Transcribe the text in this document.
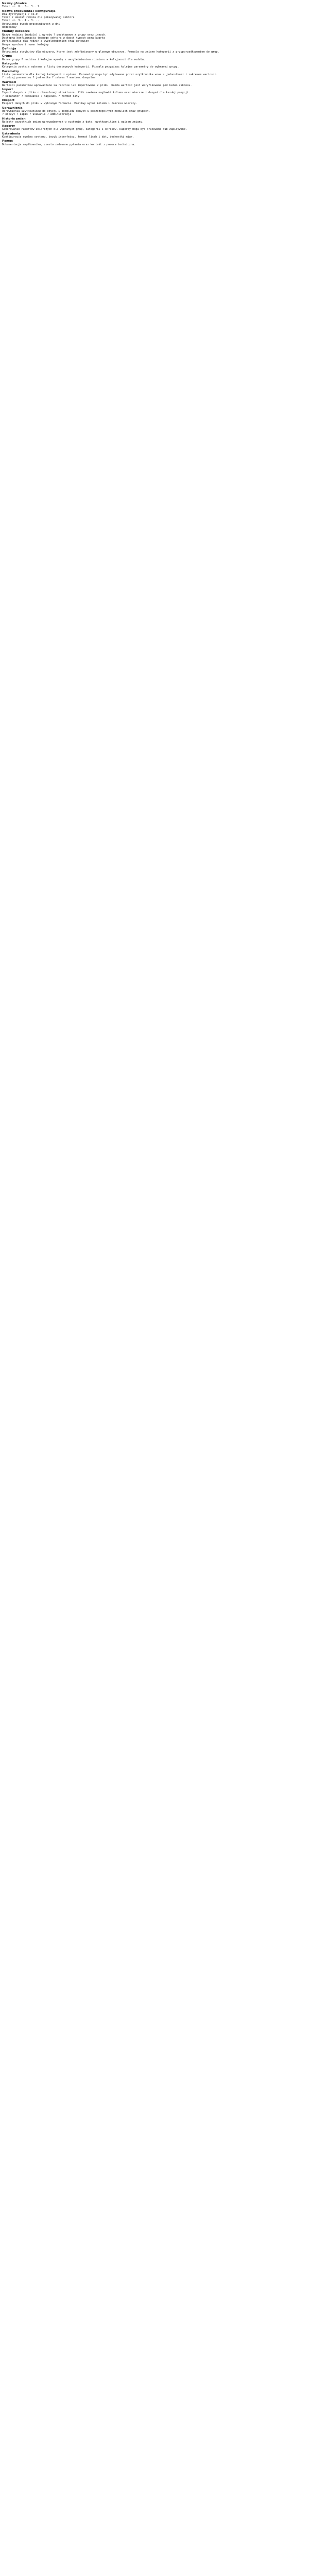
Nazwy g?owice
Tekst uz. 8.. 3-. 3.. ?.
Nazwa producenta i konfiguracja
Dla dystrybucji ? ok.9
Tekst z akurat rekona dla pokazywanej sektora
Tekst uz. 3.. 4.- 3. ..
Ustawienie dwoch pracowniczych w dni
dodatkowy
Moduly doradcze
Nazwa rodziny (moduly) i wyroby ? podstawowe z grupy oraz innych.
Dostepna konfiguracja jednego sektora w dwoch typach poza kwarta
Definiowanie dla rodzin z uwzglednieniem oraz ustawien
Grupa wyrobow i numer kolejny
Definicja
Ustawienia atrybutow dla obszaru, ktory jest zdefiniowany w glownym obszarze. Pozwala na zmiane kategorii z przyporzadkowaniem do grup.
Grupa
Nazwa grupy ? rodzina i kolejne wyroby z uwzglednieniem rozmiaru w kolejnosci dla modulu.
Kategoria
Kategoria zostaje wybrana z listy dostepnych kategorii. Pozwala przypisac kolejne parametry do wybranej grupy.
Parametry
Lista parametrow dla kazdej kategorii z opisem. Parametry moga byc edytowane przez uzytkownika wraz z jednostkami i zakresem wartosci.
? rodzaj parametru ? jednostka ? zakres ? wartosc domyslna
Wartosci
Wartosci parametrow wprowadzane sa recznie lub importowane z pliku. Kazda wartosc jest weryfikowana pod katem zakresu.
Import
Import danych z pliku o okreslonej strukturze. Plik zawiera naglowki kolumn oraz wiersze z danymi dla kazdej pozycji.
? separator ? kodowanie ? naglowki ? format daty
Eksport
Eksport danych do pliku w wybranym formacie. Mozliwy wybor kolumn i zakresu wierszy.
Uprawnienia
Uprawnienia uzytkownikow do edycji i podgladu danych w poszczegolnych modulach oraz grupach.
? odczyt ? zapis ? usuwanie ? administracja
Historia zmian
Rejestr wszystkich zmian wprowadzonych w systemie z data, uzytkownikiem i opisem zmiany.
Raporty
Generowanie raportow zbiorczych dla wybranych grup, kategorii i okresow. Raporty moga byc drukowane lub zapisywane.
Ustawienia
Konfiguracja ogolna systemu, jezyk interfejsu, format liczb i dat, jednostki miar.
Pomoc
Dokumentacja uzytkownika, czesto zadawane pytania oraz kontakt z pomoca techniczna.
